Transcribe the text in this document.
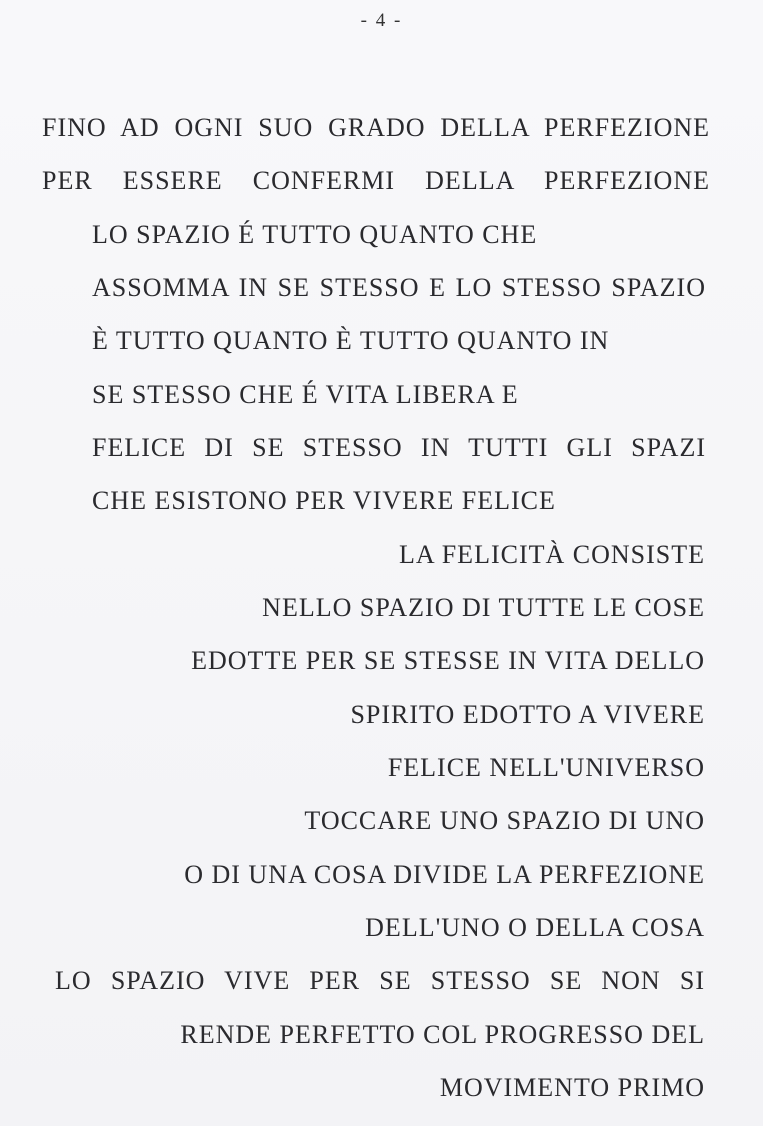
- 4 -
FINO AD OGNI SUO GRADO DELLA PERFEZIONE
PER ESSERE CONFERMI DELLA PERFEZIONE
LO SPAZIO É TUTTO QUANTO CHE
ASSOMMA IN SE STESSO E LO STESSO SPAZIO
È TUTTO QUANTO È TUTTO QUANTO IN
SE STESSO CHE É VITA LIBERA E
FELICE DI SE STESSO IN TUTTI GLI SPAZI
CHE ESISTONO PER VIVERE FELICE
LA FELICITÀ CONSISTE
NELLO SPAZIO DI TUTTE LE COSE
EDOTTE PER SE STESSE IN VITA DELLO
SPIRITO EDOTTO A VIVERE
FELICE NELL'UNIVERSO
TOCCARE UNO SPAZIO DI UNO
O DI UNA COSA DIVIDE LA PERFEZIONE
DELL'UNO O DELLA COSA
LO SPAZIO VIVE PER SE STESSO SE NON SI
RENDE PERFETTO COL PROGRESSO DEL
MOVIMENTO PRIMO
